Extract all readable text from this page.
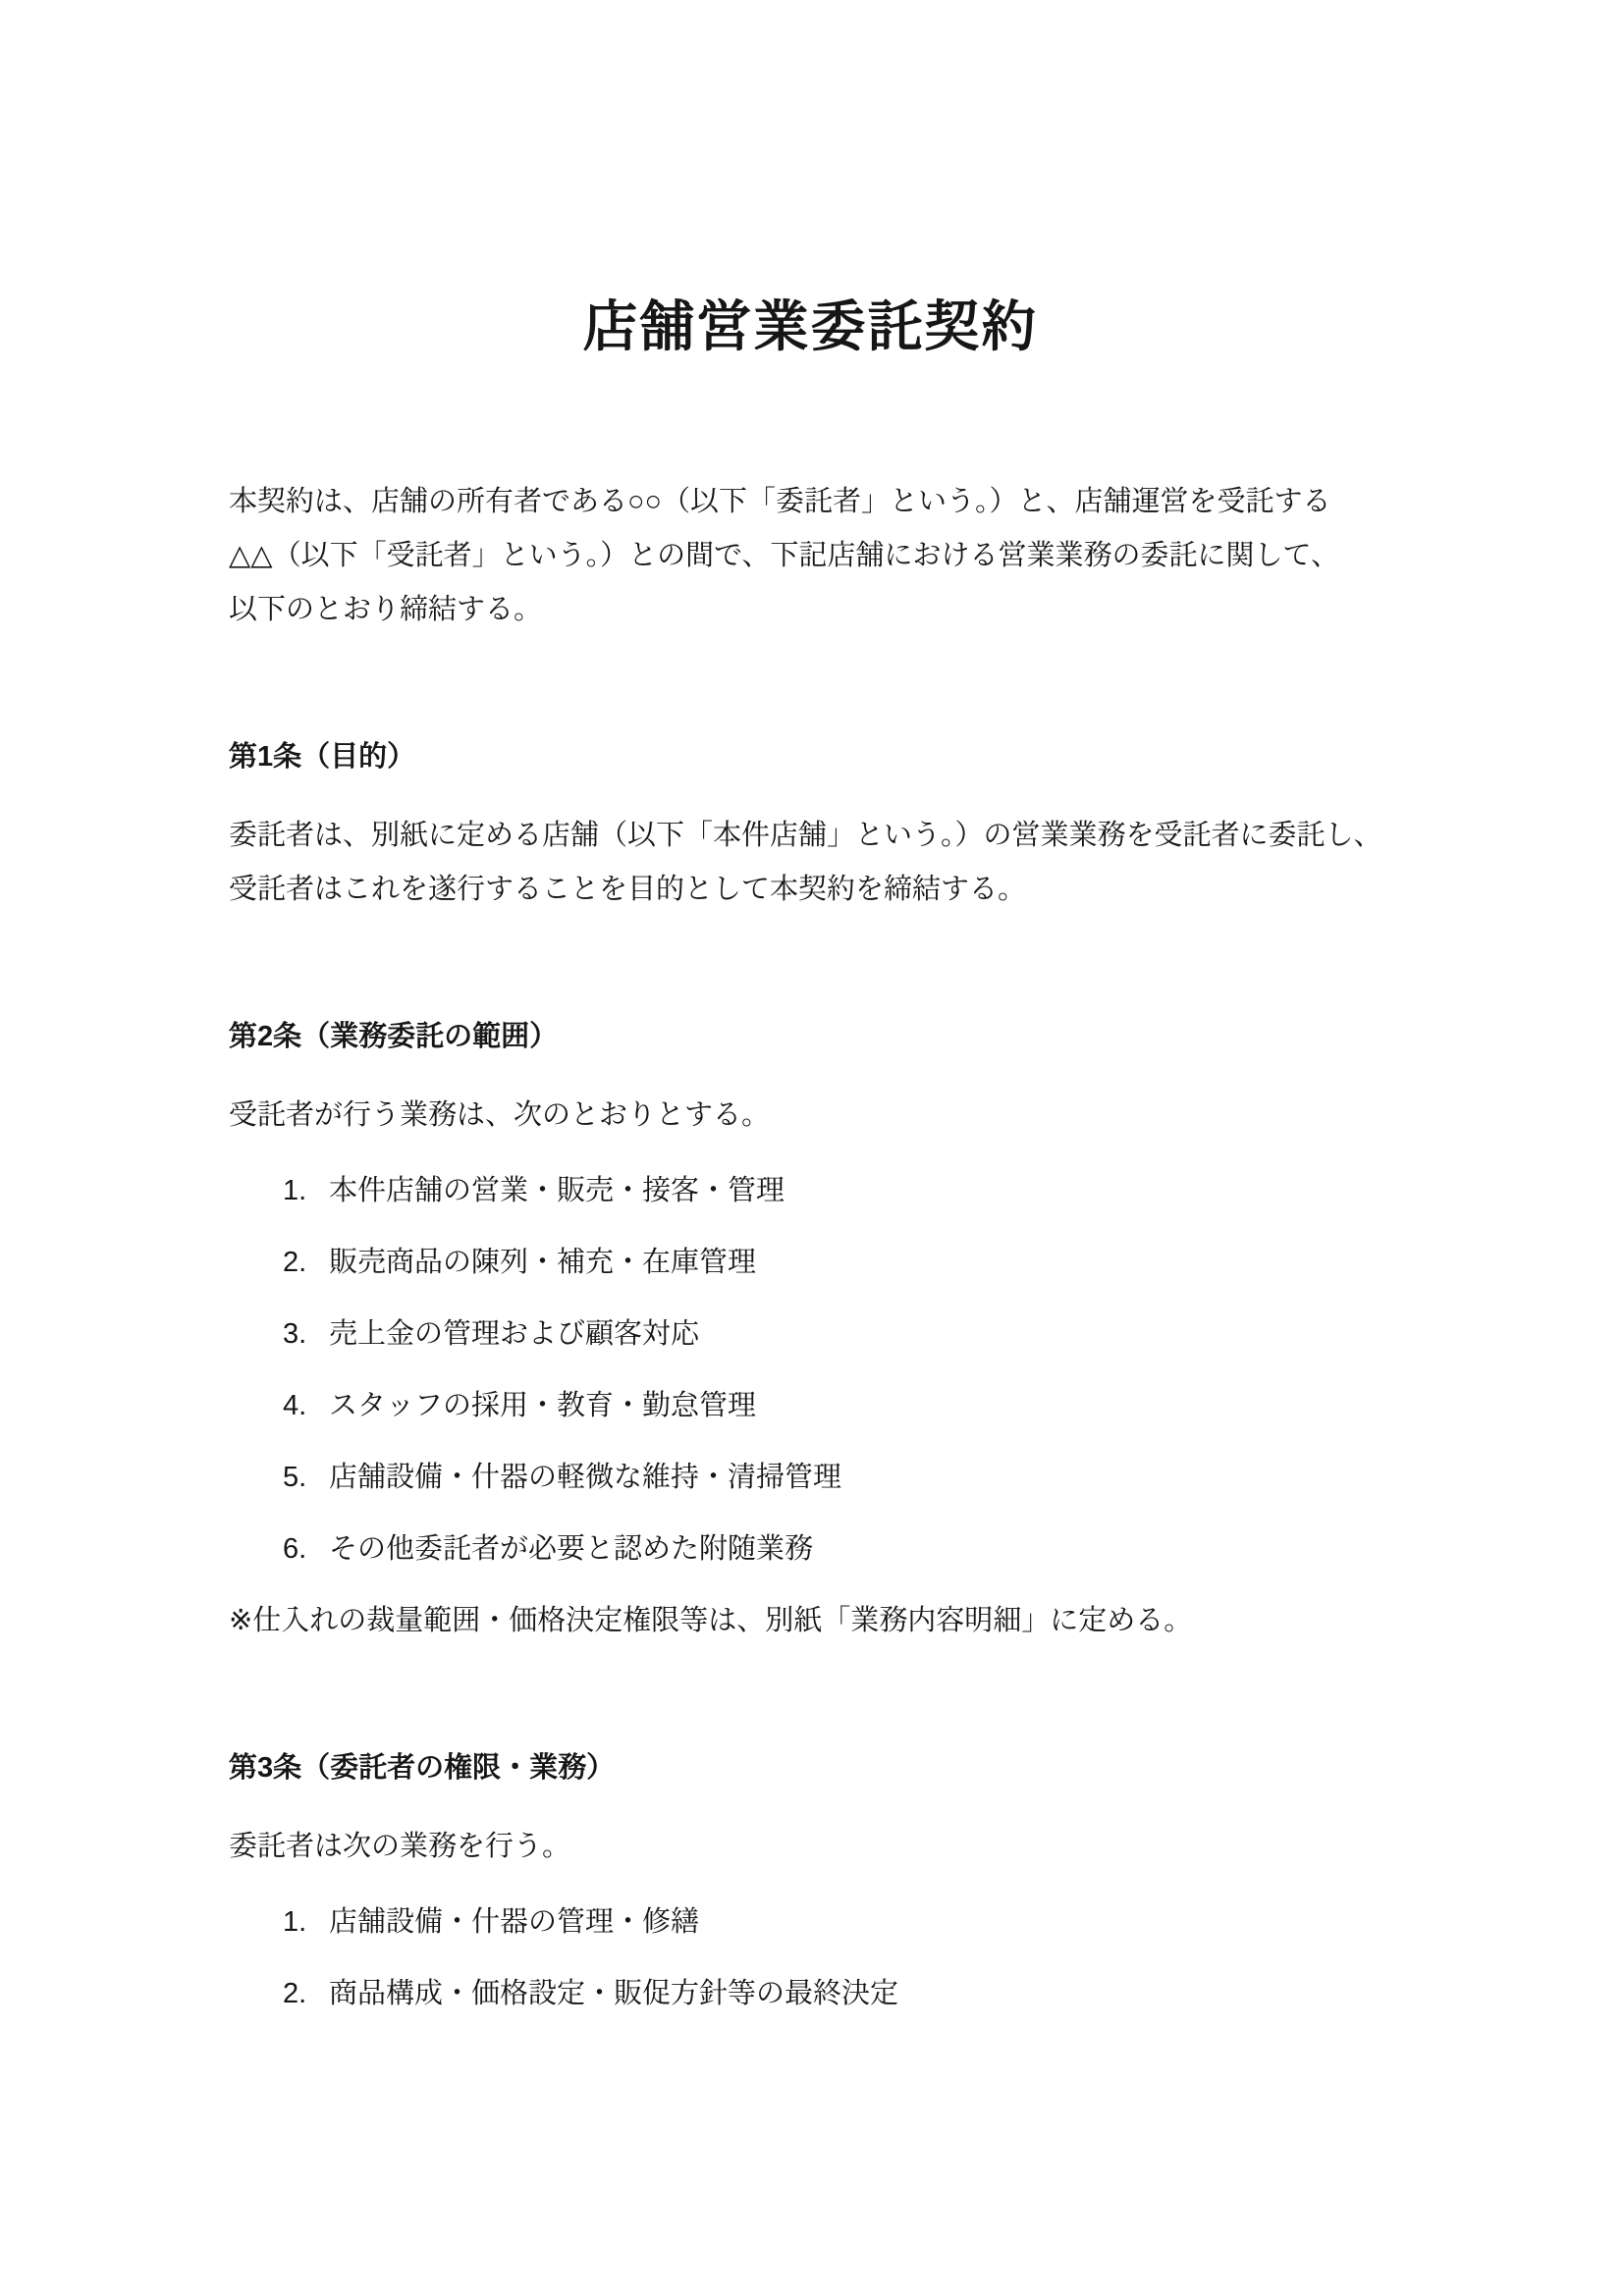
店舗営業委託契約

本契約は、店舗の所有者である○○（以下「委託者」という。）と、店舗運営を受託する
△△（以下「受託者」という。）との間で、下記店舗における営業業務の委託に関して、
以下のとおり締結する。

第1条（目的）

委託者は、別紙に定める店舗（以下「本件店舗」という。）の営業業務を受託者に委託し、
受託者はこれを遂行することを目的として本契約を締結する。

第2条（業務委託の範囲）

受託者が行う業務は、次のとおりとする。

1. 本件店舗の営業・販売・接客・管理
2. 販売商品の陳列・補充・在庫管理
3. 売上金の管理および顧客対応
4. スタッフの採用・教育・勤怠管理
5. 店舗設備・什器の軽微な維持・清掃管理
6. その他委託者が必要と認めた附随業務

※仕入れの裁量範囲・価格決定権限等は、別紙「業務内容明細」に定める。

第3条（委託者の権限・業務）

委託者は次の業務を行う。

1. 店舗設備・什器の管理・修繕
2. 商品構成・価格設定・販促方針等の最終決定
